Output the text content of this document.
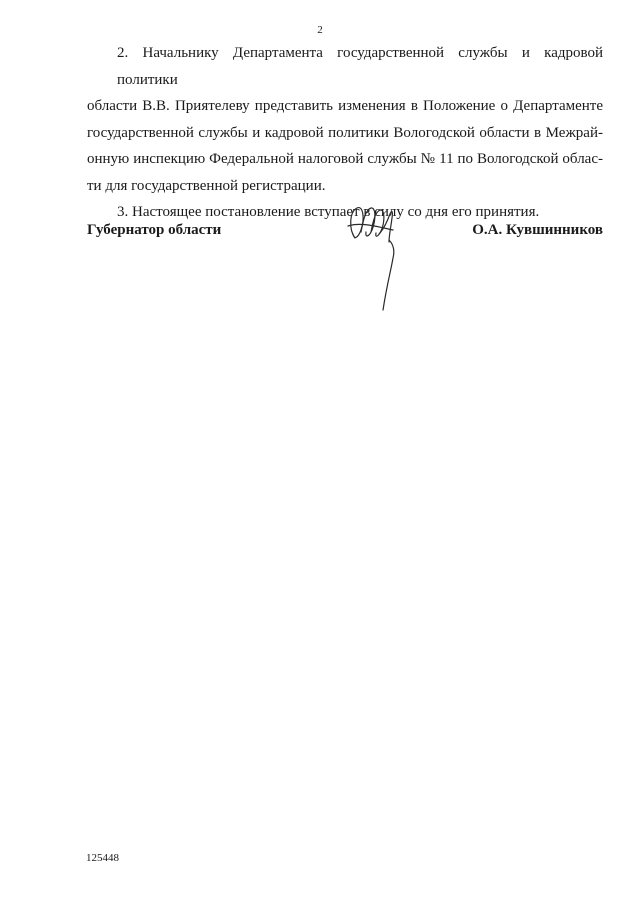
2
2. Начальнику Департамента государственной службы и кадровой политики
области В.В. Приятелеву представить изменения в Положение о Департаменте
государственной службы и кадровой политики Вологодской области в Межрай-
онную инспекцию Федеральной налоговой службы № 11 по Вологодской облас-
ти для государственной регистрации.
3. Настоящее постановление вступает в силу со дня его принятия.
Губернатор области	О.А. Кувшинников
125448
